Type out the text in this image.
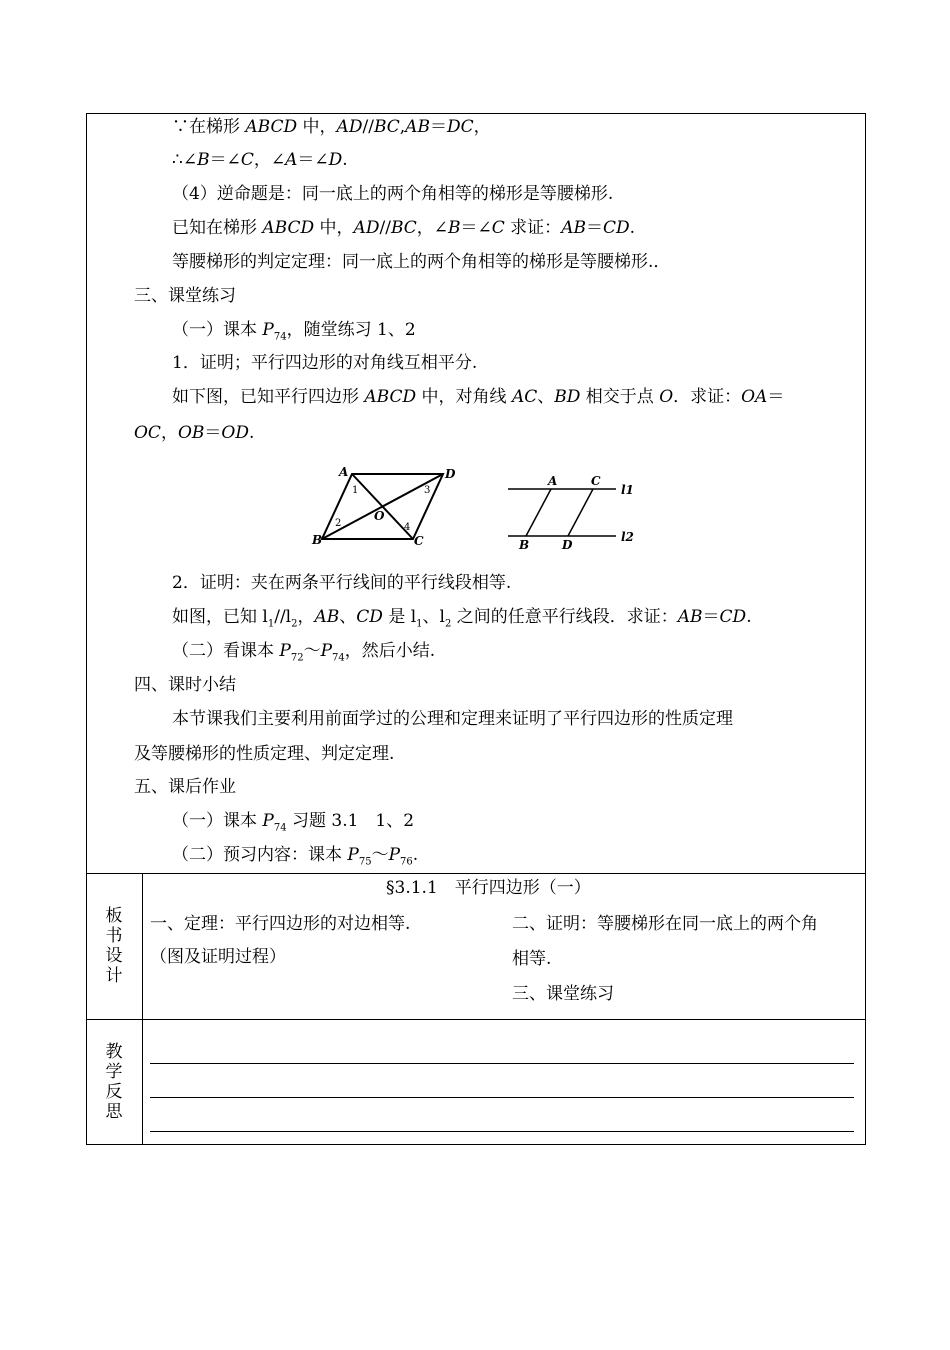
∵在梯形 ABCD 中，AD//BC,AB＝DC，
∴∠B＝∠C，∠A＝∠D.
（4）逆命题是：同一底上的两个角相等的梯形是等腰梯形.
已知在梯形 ABCD 中，AD//BC，∠B＝∠C 求证：AB＝CD.
等腰梯形的判定定理：同一底上的两个角相等的梯形是等腰梯形.．
三、课堂练习
（一）课本 $P_{74}$，随堂练习 1、2
1．证明；平行四边形的对角线互相平分.
如下图，已知平行四边形 ABCD 中，对角线 AC、BD 相交于点 O．求证：OA＝
OC，OB＝OD.
A	D
B	C
O
1
2
3
4
A	C
B	D
l1
l2
2．证明：夹在两条平行线间的平行线段相等.
如图，已知 $l_1//l_2$，AB、CD 是 $l_1$、$l_2$ 之间的任意平行线段．求证：AB＝CD.
（二）看课本 $P_{72}\sim P_{74}$，然后小结.
四、课时小结
本节课我们主要利用前面学过的公理和定理来证明了平行四边形的性质定理
及等腰梯形的性质定理、判定定理.
五、课后作业
（一）课本 $P_{74}$ 习题 3.1　1、2
（二）预习内容：课本 $P_{75}\sim P_{76}$.
板书设计
§3.1.1　平行四边形（一）
一、定理：平行四边形的对边相等.
（图及证明过程）
二、证明：等腰梯形在同一底上的两个角
相等.
三、课堂练习
教学反思
